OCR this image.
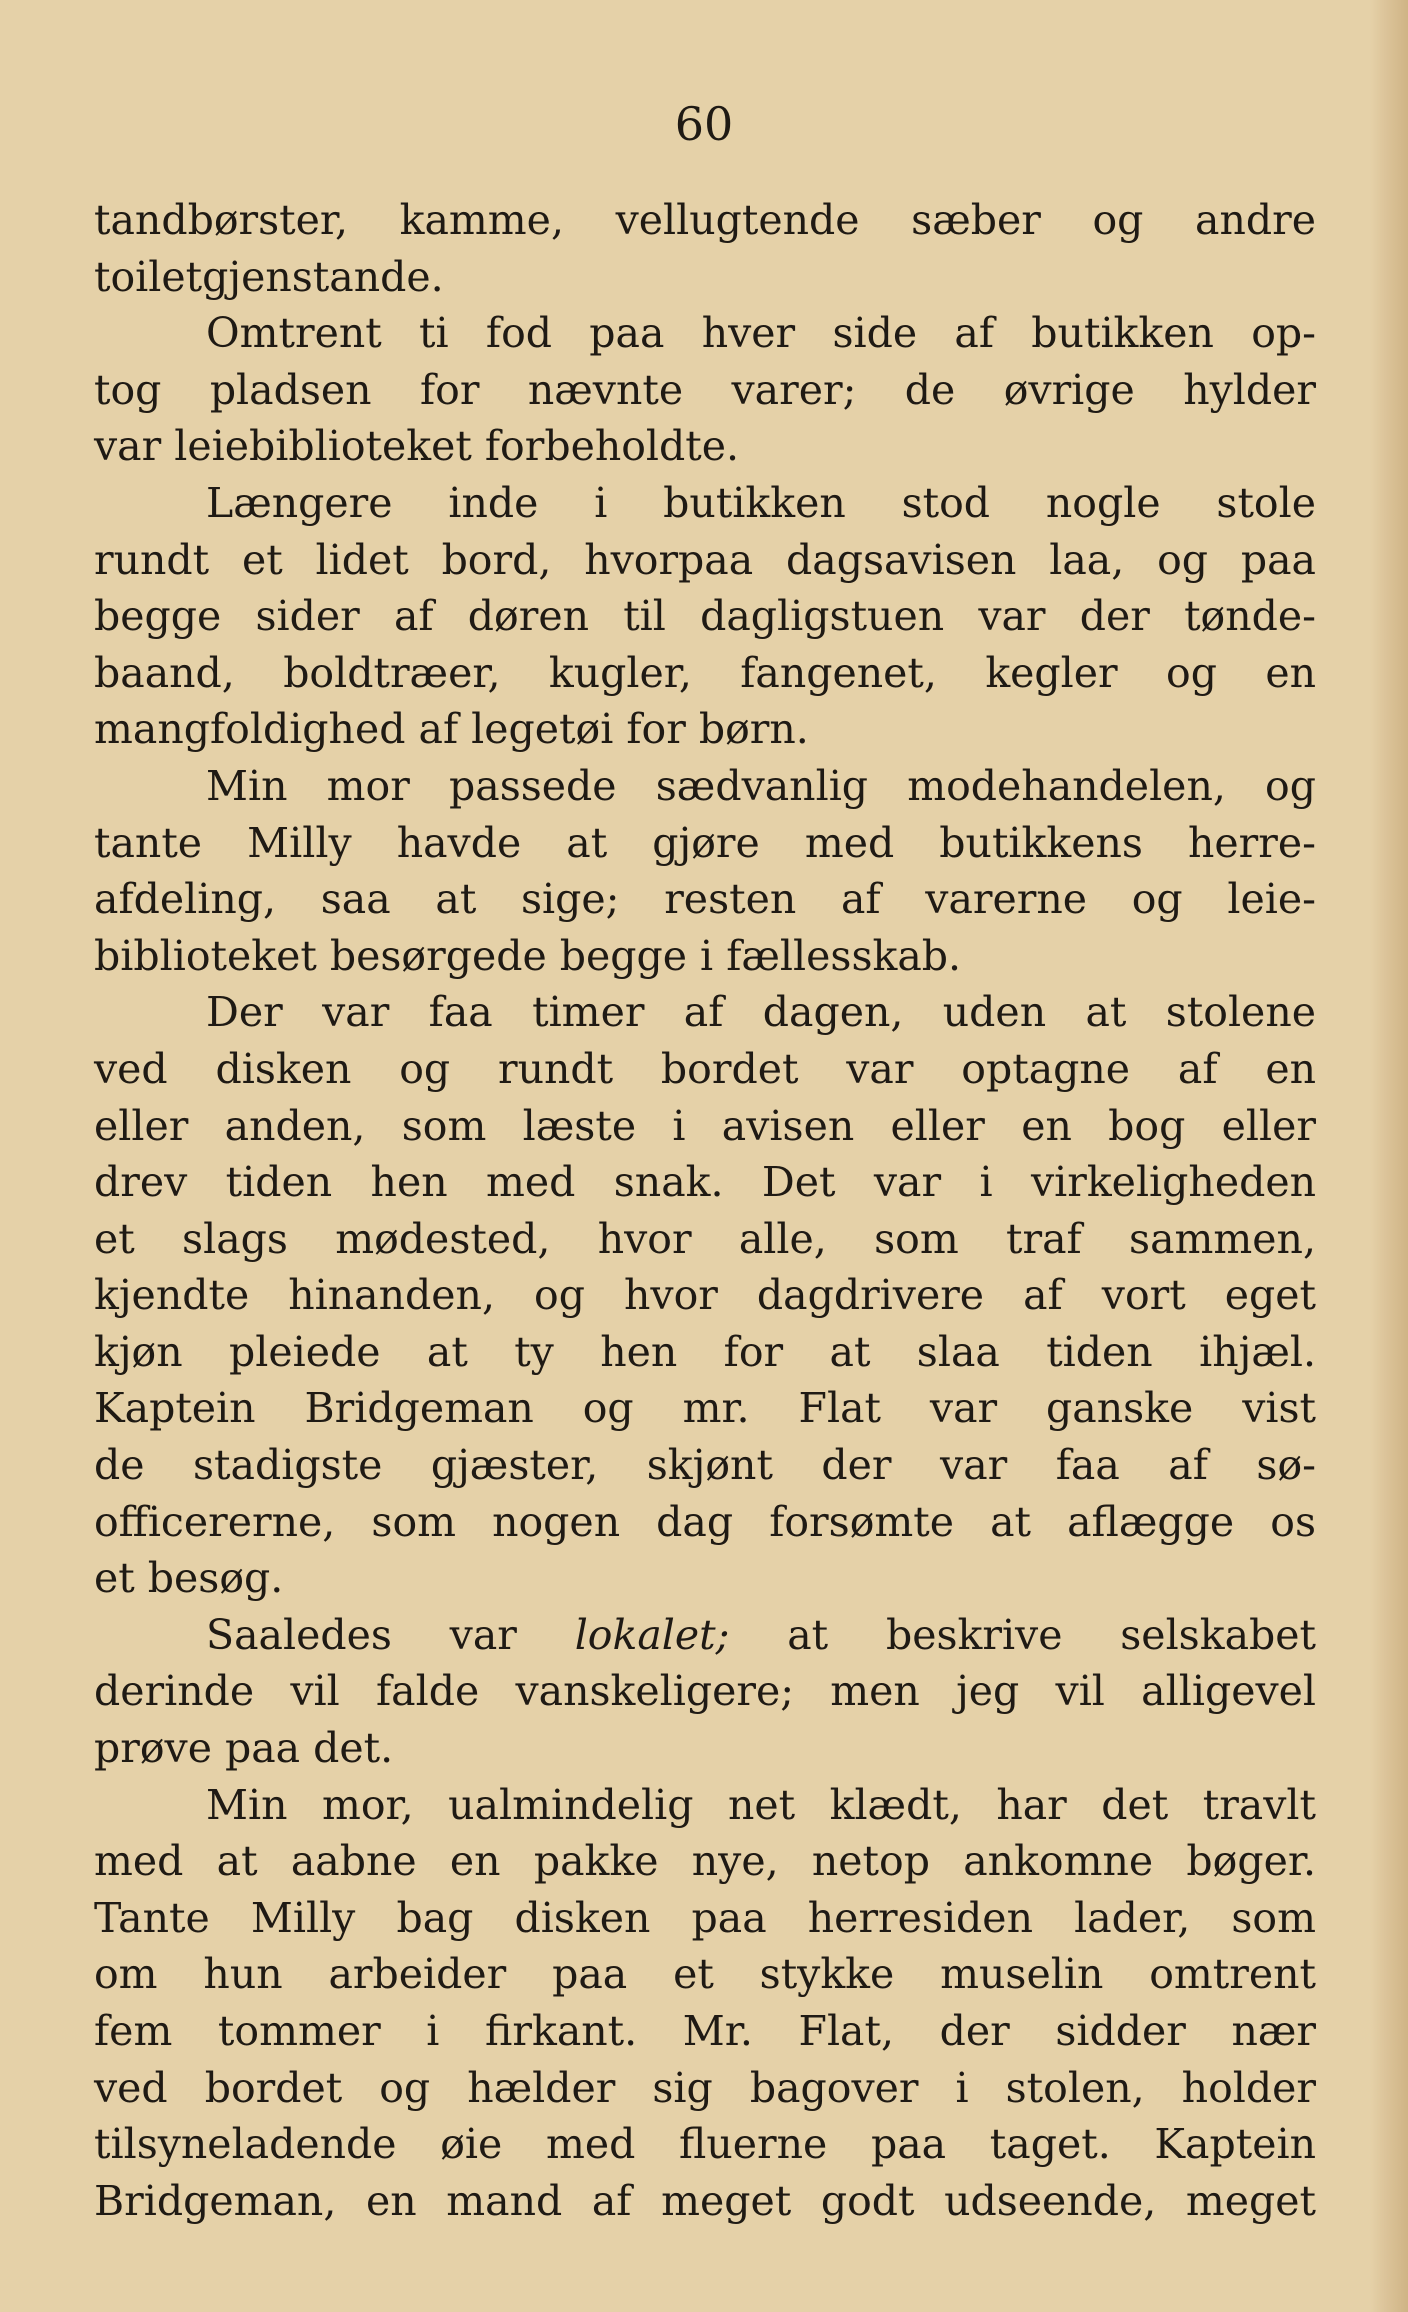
60
tandbørster, kamme, vellugtende sæber og andre
toiletgjenstande.
Omtrent ti fod paa hver side af butikken op-
tog pladsen for nævnte varer; de øvrige hylder
var leiebiblioteket forbeholdte.
Længere inde i butikken stod nogle stole
rundt et lidet bord, hvorpaa dagsavisen laa, og paa
begge sider af døren til dagligstuen var der tønde-
baand, boldtræer, kugler, fangenet, kegler og en
mangfoldighed af legetøi for børn.
Min mor passede sædvanlig modehandelen, og
tante Milly havde at gjøre med butikkens herre-
afdeling, saa at sige; resten af varerne og leie-
biblioteket besørgede begge i fællesskab.
Der var faa timer af dagen, uden at stolene
ved disken og rundt bordet var optagne af en
eller anden, som læste i avisen eller en bog eller
drev tiden hen med snak. Det var i virkeligheden
et slags mødested, hvor alle, som traf sammen,
kjendte hinanden, og hvor dagdrivere af vort eget
kjøn pleiede at ty hen for at slaa tiden ihjæl.
Kaptein Bridgeman og mr. Flat var ganske vist
de stadigste gjæster, skjønt der var faa af sø-
officererne, som nogen dag forsømte at aflægge os
et besøg.
Saaledes var lokalet; at beskrive selskabet
derinde vil falde vanskeligere; men jeg vil alligevel
prøve paa det.
Min mor, ualmindelig net klædt, har det travlt
med at aabne en pakke nye, netop ankomne bøger.
Tante Milly bag disken paa herresiden lader, som
om hun arbeider paa et stykke muselin omtrent
fem tommer i firkant. Mr. Flat, der sidder nær
ved bordet og hælder sig bagover i stolen, holder
tilsyneladende øie med fluerne paa taget. Kaptein
Bridgeman, en mand af meget godt udseende, meget
